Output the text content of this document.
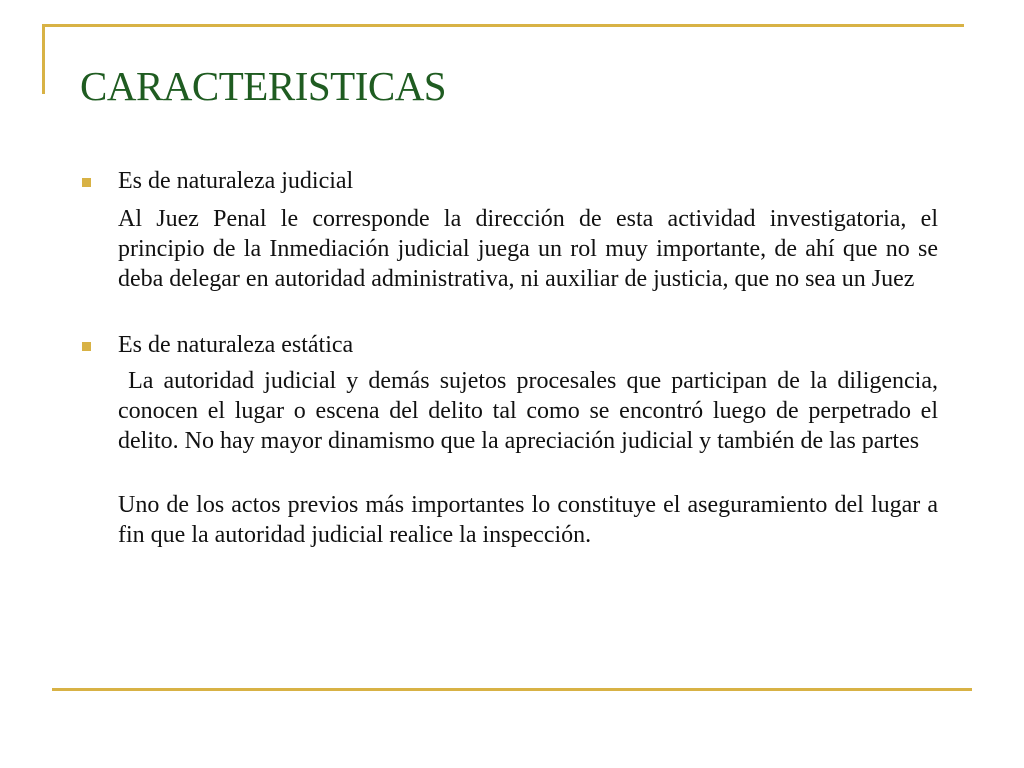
CARACTERISTICAS
Es de naturaleza judicial

Al Juez Penal le corresponde la dirección de esta actividad investigatoria, el principio de la Inmediación judicial juega un rol muy importante, de ahí que no se deba delegar en autoridad administrativa, ni auxiliar de justicia, que no sea un Juez

Es de naturaleza estática

La autoridad judicial y demás sujetos procesales que participan de la diligencia, conocen el lugar o escena del delito tal como se encontró luego de perpetrado el delito. No hay mayor dinamismo que la apreciación judicial y también de las partes

Uno de los actos previos más importantes lo constituye el aseguramiento del lugar a fin que la autoridad judicial realice la inspección.
